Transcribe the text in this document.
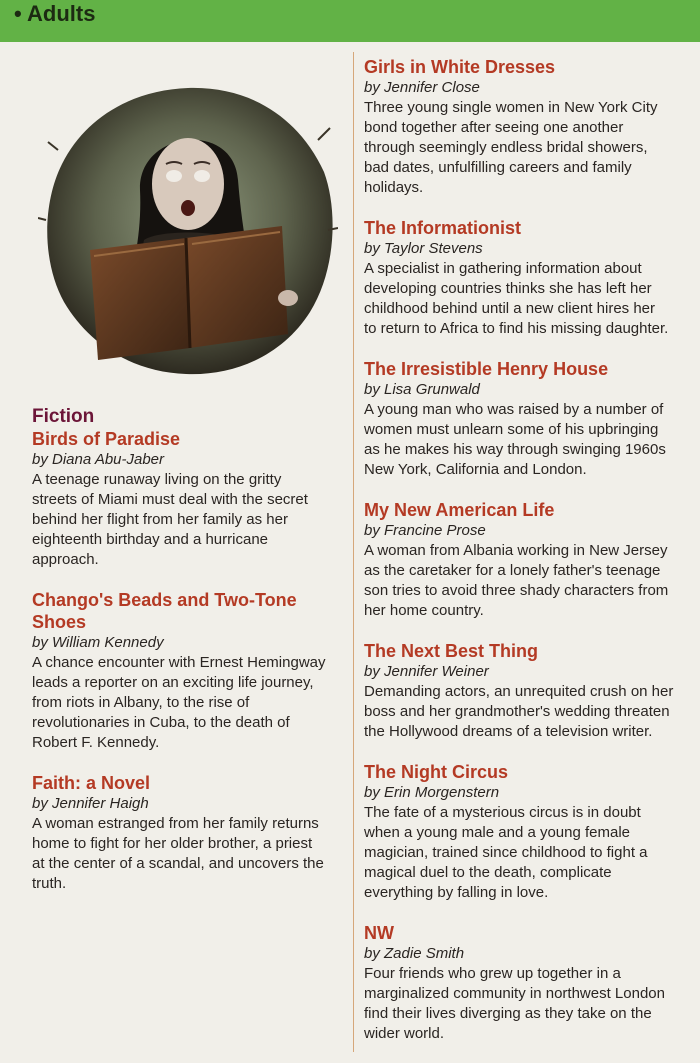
• Adults
Fiction
Birds of Paradise
by Diana Abu-Jaber
A teenage runaway living on the gritty
streets of Miami must deal with the secret
behind her flight from her family as her
eighteenth birthday and a hurricane
approach.
Chango's Beads and Two-Tone Shoes
by William Kennedy
A chance encounter with Ernest Hemingway
leads a reporter on an exciting life journey,
from riots in Albany, to the rise of
revolutionaries in Cuba, to the death of
Robert F. Kennedy.
Faith: a Novel
by Jennifer Haigh
A woman estranged from her family returns
home to fight for her older brother, a priest
at the center of a scandal, and uncovers the
truth.
Girls in White Dresses
by Jennifer Close
Three young single women in New York City
bond together after seeing one another
through seemingly endless bridal showers,
bad dates, unfulfilling careers and family
holidays.
The Informationist
by Taylor Stevens
A specialist in gathering information about
developing countries thinks she has left her
childhood behind until a new client hires her
to return to Africa to find his missing daughter.
The Irresistible Henry House
by Lisa Grunwald
A young man who was raised by a number of
women must unlearn some of his upbringing
as he makes his way through swinging 1960s
New York, California and London.
My New American Life
by Francine Prose
A woman from Albania working in New Jersey
as the caretaker for a lonely father's teenage
son tries to avoid three shady characters from
her home country.
The Next Best Thing
by Jennifer Weiner
Demanding actors, an unrequited crush on her
boss and her grandmother's wedding threaten
the Hollywood dreams of a television writer.
The Night Circus
by Erin Morgenstern
The fate of a mysterious circus is in doubt
when a young male and a young female
magician, trained since childhood to fight a
magical duel to the death, complicate
everything by falling in love.
NW
by Zadie Smith
Four friends who grew up together in a
marginalized community in northwest London
find their lives diverging as they take on the
wider world.
